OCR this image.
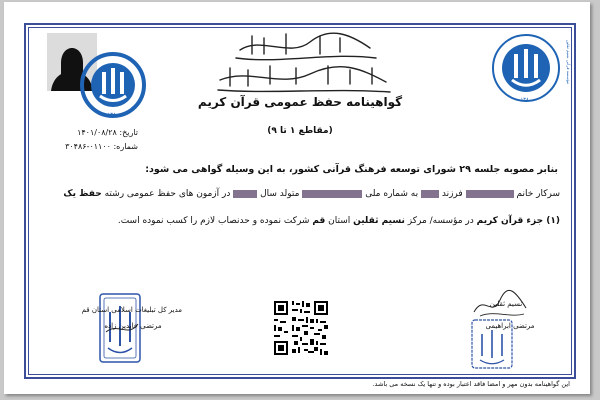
بسم الله الرحمن الرحيم
إِنَّا نَحْنُ نَزَّلْنَا الذِّكْرَ وَإِنَّا لَهُ لَحَافِظُونَ
گواهینامه حفظ عمومی قرآن کریم
(مقاطع ۱ تا ۹)
۱۳۸۰
۱۳۸۰
مؤسسه قرآنی نسیم ثقلین
تاریخ: ۱۴۰۱/۰۸/۲۸
شماره: ۰۱۱۰۰-۳۰۴۸۶
بنابر مصوبه جلسه ۲۹ شورای توسعه فرهنگ قرآنی کشور، به این وسیله گواهی می شود:
سرکار خانم  فرزند  به شماره ملی  متولد سال  در آزمون های حفظ عمومی رشته حفظ یک
(۱) جزء قرآن کریم در مؤسسه/ مرکز نسیم ثقلین استان قم شرکت نموده و حدنصاب لازم را کسب نموده است.
مدیر کل تبلیغات اسلامی استان قم
مرتضی عابدین زاده
نسیم ثقلین
مرتضی ابراهیمی
این گواهینامه بدون مهر و امضا فاقد اعتبار بوده و تنها یک نسخه می باشد.
